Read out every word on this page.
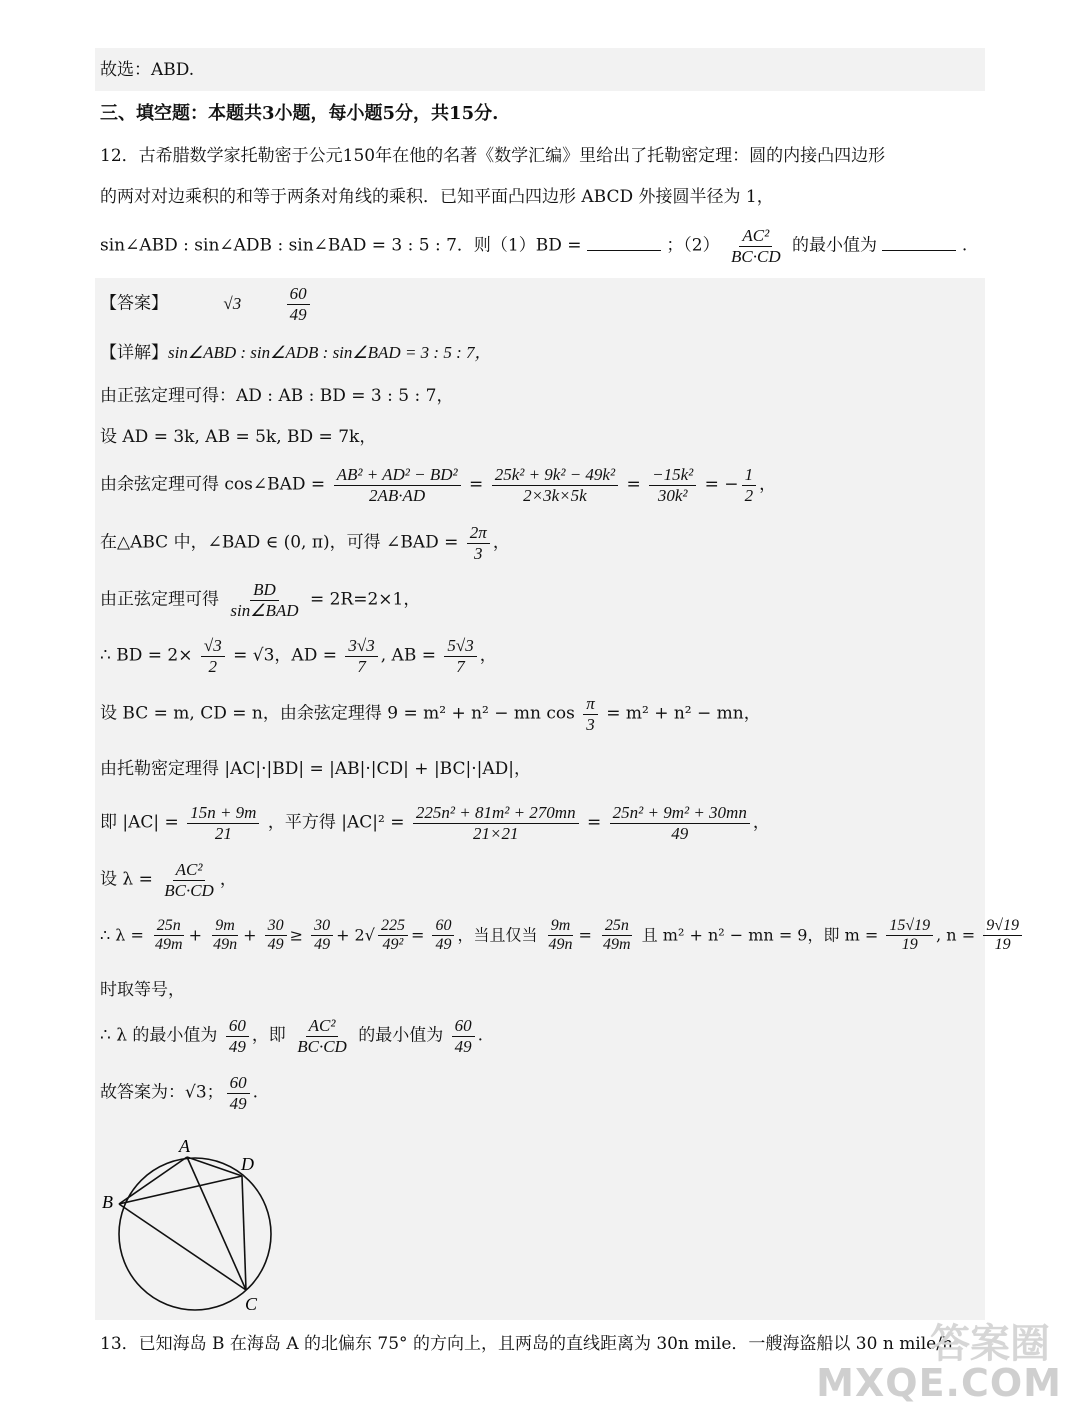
故选：ABD.
三、填空题：本题共3小题，每小题5分，共15分.
12．古希腊数学家托勒密于公元150年在他的名著《数学汇编》里给出了托勒密定理：圆的内接凸四边形
的两对对边乘积的和等于两条对角线的乘积．已知平面凸四边形 ABCD 外接圆半径为 1，
sin∠ABD : sin∠ADB : sin∠BAD = 3 : 5 : 7．则（1）BD =	；$(2) \frac{\text{AC²}}{BC\cdot CD}$ 的最小值为	.
【答案】	√3	$\frac{60}{49}$
【详解】sin∠ABD : sin∠ADB : sin∠BAD = 3 : 5 : 7，
由正弦定理可得：AD : AB : BD = 3 : 5 : 7，
设 AD = 3k, AB = 5k, BD = 7k，
由余弦定理可得 cos∠BAD = $\frac{\text{AB² + AD² − BD²}}{2AB\cdot AD} = \frac{\text{25k² + 9k² − 49k²}}{2\times 3k\times 5k} = \frac{\text{−15k²}}{\text{30k²}}$ = − $\frac{1}{2}$ ，
在△ABC 中，∠BAD ∈ (0, π)，可得 ∠BAD = $\frac{2\pi}{3}$ ，
由正弦定理可得 $\frac{BD}{\text{sin∠BAD}} = 2R=2\times 1$，
∴ BD = $2\times \frac{√3}{2} = √3$，AD = $\frac{3√3}{7}$ , AB = $\frac{5√3}{7}$ ，
设 BC = m, CD = n，由余弦定理得 9 = m² + n² − mn $\cos \frac{\pi}{3} = m^2 + n^2$ − mn，
由托勒密定理得 |AC|·|BD| = |AB|·|CD| + |BC|·|AD|，
即 $|AC| = \frac{15n + 9m}{21}$ ，平方得 $|AC|^2 = \frac{\text{225n² + 81m² + 270mn}}{21\times 21} = \frac{\text{25n² + 9m² + 30mn}}{49}$ ，
设 $\lambda = \frac{\text{AC²}}{BC\cdot CD}$ ，
∴ $\lambda = \frac{25n}{49m} + \frac{9m}{49n} + \frac{30}{49} \ge \frac{30}{49} + 2√ \frac{225}{\text{49²}} = \frac{60}{49}$ ，当且仅当 $\frac{9m}{49n} = \frac{25n}{49m}$ 且 m² + n² − mn = 9，即 $m = \frac{15√19}{19}$ , $n = \frac{9√19}{19}$
时取等号，
∴ λ 的最小值为 $\frac{60}{49}$ ，即 $\frac{\text{AC²}}{BC\cdot CD}$ 的最小值为 $\frac{60}{49}$ .
故答案为：√3； $\frac{60}{49}$ .
A
D
B
C
13．已知海岛 B 在海岛 A 的北偏东 75° 的方向上，且两岛的直线距离为 30n mile．一艘海盗船以 30 n mile/h
答案圈
MXQE.COM
